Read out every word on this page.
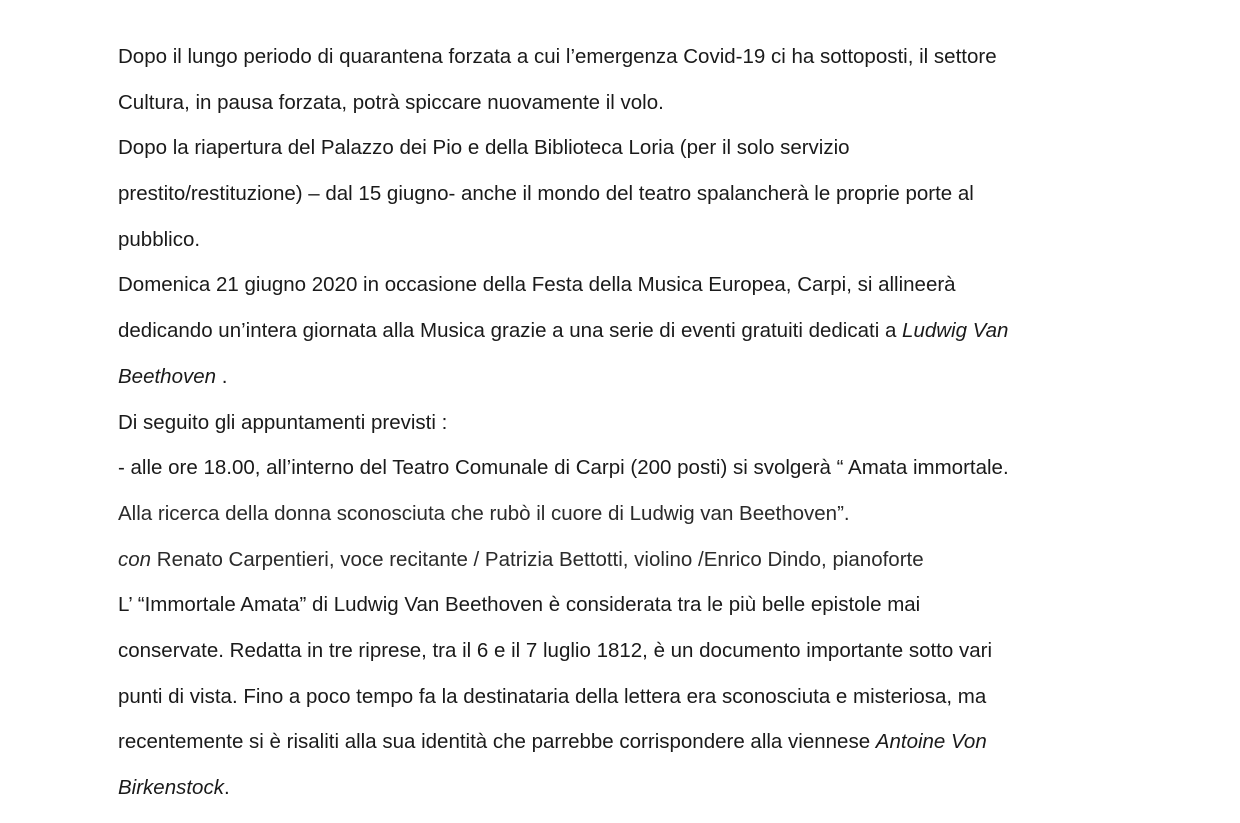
Dopo il lungo periodo di quarantena forzata a cui l’emergenza Covid-19 ci ha sottoposti, il settore
Cultura, in pausa forzata, potrà spiccare nuovamente il volo.
Dopo la riapertura del Palazzo dei Pio e della Biblioteca Loria (per il solo servizio
prestito/restituzione) – dal 15 giugno- anche il mondo del teatro spalancherà le proprie porte al
pubblico.
Domenica 21 giugno 2020 in occasione della Festa della Musica Europea, Carpi, si allineerà
dedicando un’intera giornata alla Musica grazie a una serie di eventi gratuiti dedicati a Ludwig Van
Beethoven .
Di seguito gli appuntamenti previsti :
- alle ore 18.00, all’interno del Teatro Comunale di Carpi (200 posti) si svolgerà “ Amata immortale.
Alla ricerca della donna sconosciuta che rubò il cuore di Ludwig van Beethoven”.
con Renato Carpentieri, voce recitante / Patrizia Bettotti, violino /Enrico Dindo, pianoforte
L’ “Immortale Amata” di Ludwig Van Beethoven è considerata tra le più belle epistole mai
conservate. Redatta in tre riprese, tra il 6 e il 7 luglio 1812, è un documento importante sotto vari
punti di vista. Fino a poco tempo fa la destinataria della lettera era sconosciuta e misteriosa, ma
recentemente si è risaliti alla sua identità che parrebbe corrispondere alla viennese Antoine Von
Birkenstock.
